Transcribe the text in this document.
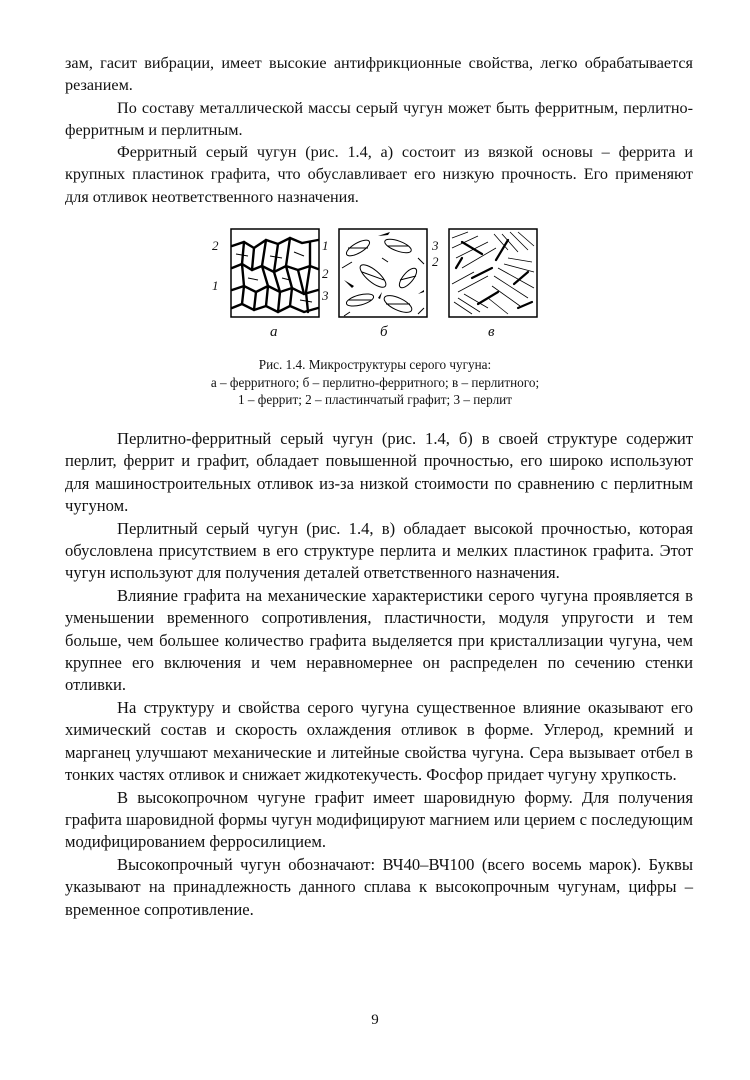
зам, гасит вибрации, имеет высокие антифрикционные свойства, легко обрабатывается резанием.

По составу металлической массы серый чугун может быть ферритным, перлитно-ферритным и перлитным.

Ферритный серый чугун (рис. 1.4, а) состоит из вязкой основы – феррита и крупных пластинок графита, что обуславливает его низкую прочность. Его применяют для отливок неответственного назначения.

2
1
а
1
2
3
б
3
2
в
Рис. 1.4. Микроструктуры серого чугуна:
а – ферритного; б – перлитно-ферритного; в – перлитного;
1 – феррит; 2 – пластинчатый графит; 3 – перлит

Перлитно-ферритный серый чугун (рис. 1.4, б) в своей структуре содержит перлит, феррит и графит, обладает повышенной прочностью, его широко используют для машиностроительных отливок из-за низкой стоимости по сравнению с перлитным чугуном.

Перлитный серый чугун (рис. 1.4, в) обладает высокой прочностью, которая обусловлена присутствием в его структуре перлита и мелких пластинок графита. Этот чугун используют для получения деталей ответственного назначения.

Влияние графита на механические характеристики серого чугуна проявляется в уменьшении временного сопротивления, пластичности, модуля упругости и тем больше, чем большее количество графита выделяется при кристаллизации чугуна, чем крупнее его включения и чем неравномернее он распределен по сечению стенки отливки.

На структуру и свойства серого чугуна существенное влияние оказывают его химический состав и скорость охлаждения отливок в форме. Углерод, кремний и марганец улучшают механические и литейные свойства чугуна. Сера вызывает отбел в тонких частях отливок и снижает жидкотекучесть. Фосфор придает чугуну хрупкость.

В высокопрочном чугуне графит имеет шаровидную форму. Для получения графита шаровидной формы чугун модифицируют магнием или церием с последующим модифицированием ферросилицием.

Высокопрочный чугун обозначают: ВЧ40–ВЧ100 (всего восемь марок). Буквы указывают на принадлежность данного сплава к высокопрочным чугунам, цифры – временное сопротивление.

9
